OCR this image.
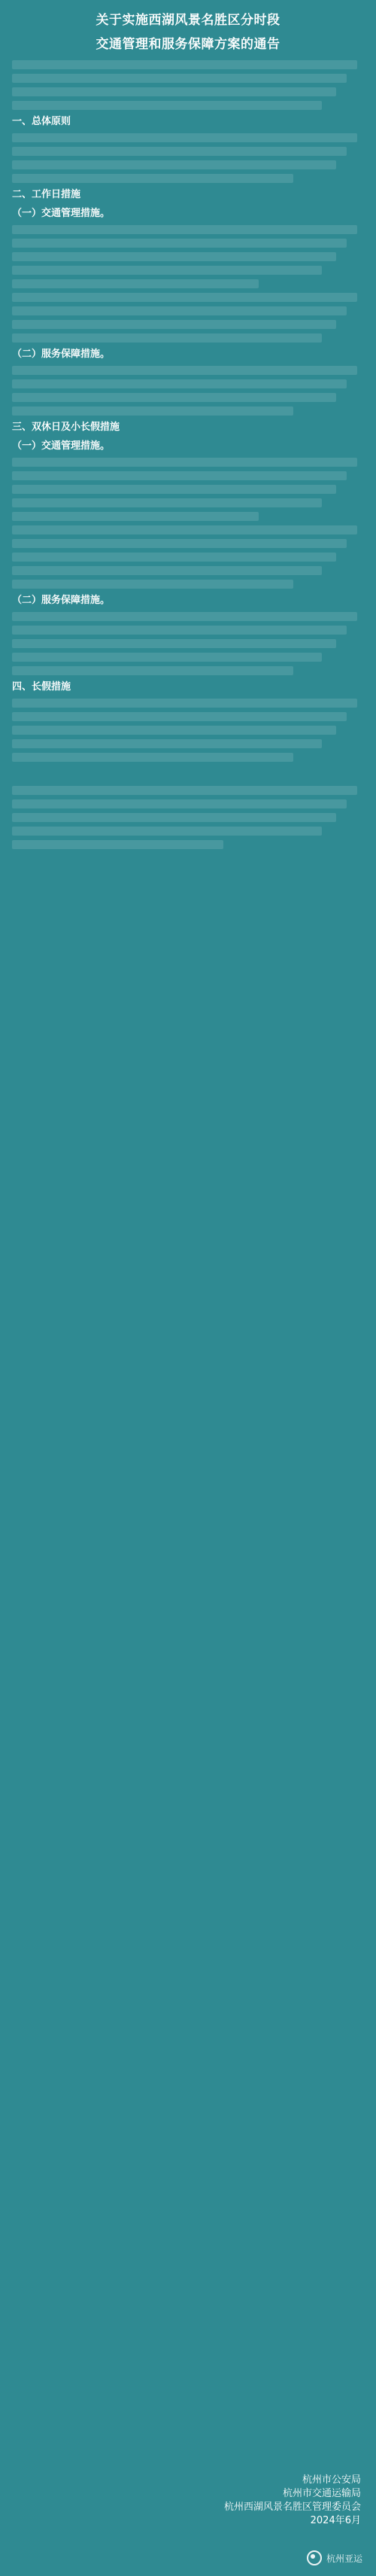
关于实施西湖风景名胜区分时段
交通管理和服务保障方案的通告
一、总体原则
二、工作日措施
（一）交通管理措施。
（二）服务保障措施。
三、双休日及小长假措施
（一）交通管理措施。
（二）服务保障措施。
四、长假措施
杭州市公安局
杭州市交通运输局
杭州西湖风景名胜区管理委员会
2024年6月
杭州亚运
